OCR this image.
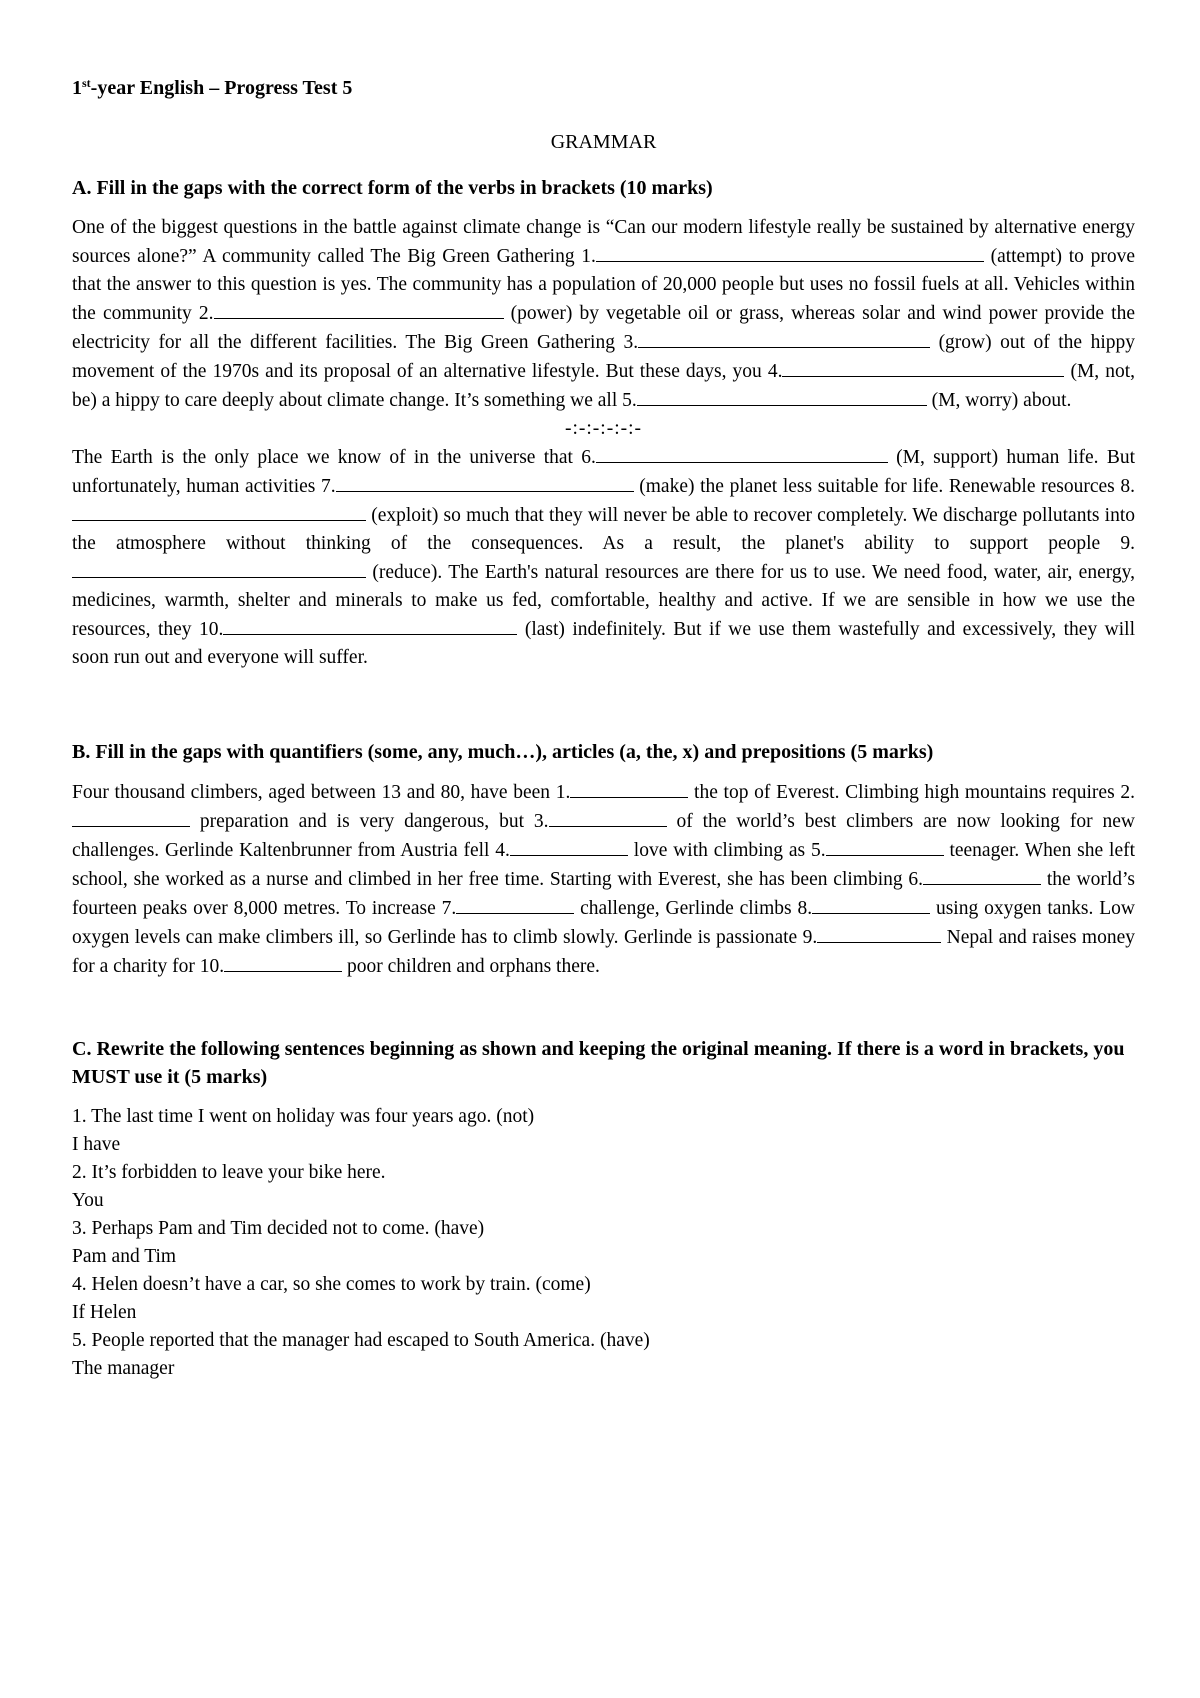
1st-year English – Progress Test 5

GRAMMAR

A. Fill in the gaps with the correct form of the verbs in brackets (10 marks)

One of the biggest questions in the battle against climate change is “Can our modern lifestyle really be sustained by alternative energy sources alone?” A community called The Big Green Gathering 1.	(attempt) to prove that the answer to this question is yes. The community has a population of 20,000 people but uses no fossil fuels at all. Vehicles within the community 2.	(power) by vegetable oil or grass, whereas solar and wind power provide the electricity for all the different facilities. The Big Green Gathering 3.	(grow) out of the hippy movement of the 1970s and its proposal of an alternative lifestyle. But these days, you 4.	(M, not, be) a hippy to care deeply about climate change. It’s something we all 5.	(M, worry) about.

-:-:-:-:-:-

The Earth is the only place we know of in the universe that 6.	(M, support) human life. But unfortunately, human activities 7.	(make) the planet less suitable for life. Renewable resources 8. (exploit) so much that they will never be able to recover completely. We discharge pollutants into the atmosphere without thinking of the consequences. As a result, the planet's ability to support people 9. (reduce). The Earth's natural resources are there for us to use. We need food, water, air, energy, medicines, warmth, shelter and minerals to make us fed, comfortable, healthy and active. If we are sensible in how we use the resources, they 10.	(last) indefinitely. But if we use them wastefully and excessively, they will soon run out and everyone will suffer.

B. Fill in the gaps with quantifiers (some, any, much…), articles (a, the, x) and prepositions (5 marks)

Four thousand climbers, aged between 13 and 80, have been 1.	the top of Everest. Climbing high mountains requires 2. preparation and is very dangerous, but 3.	of the world’s best climbers are now looking for new challenges. Gerlinde Kaltenbrunner from Austria fell 4.	love with climbing as 5.	teenager. When she left school, she worked as a nurse and climbed in her free time. Starting with Everest, she has been climbing 6.	the world’s fourteen peaks over 8,000 metres. To increase 7.	challenge, Gerlinde climbs 8.	using oxygen tanks. Low oxygen levels can make climbers ill, so Gerlinde has to climb slowly. Gerlinde is passionate 9.	Nepal and raises money for a charity for 10.	poor children and orphans there.

C. Rewrite the following sentences beginning as shown and keeping the original meaning. If there is a word in brackets, you MUST use it (5 marks)

1. The last time I went on holiday was four years ago. (not)

I have

2. It’s forbidden to leave your bike here.

You

3. Perhaps Pam and Tim decided not to come. (have)

Pam and Tim

4. Helen doesn’t have a car, so she comes to work by train. (come)

If Helen

5. People reported that the manager had escaped to South America. (have)

The manager
